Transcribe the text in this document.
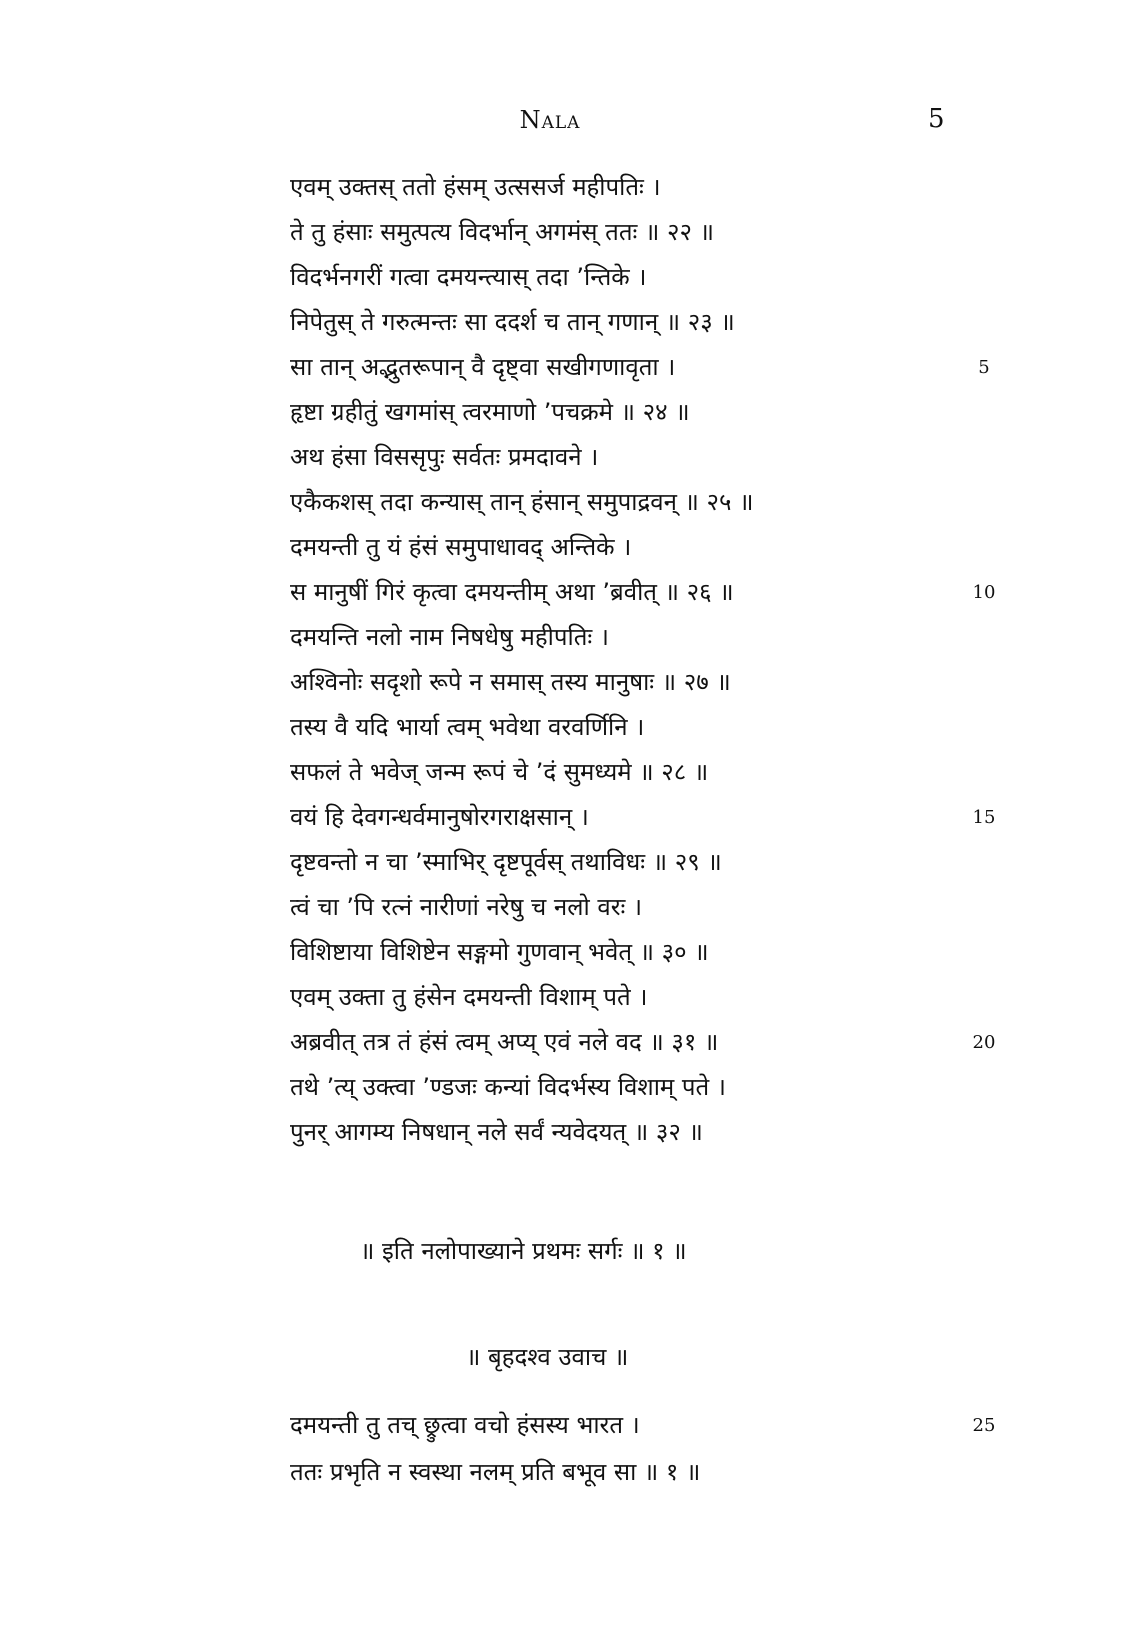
Nala	5
एवम् उक्तस् ततो हंसम् उत्ससर्ज महीपतिः ।
ते तु हंसाः समुत्पत्य विदर्भान् अगमंस् ततः ॥ २२ ॥
विदर्भनगरीं गत्वा दमयन्त्यास् तदा ’न्तिके ।
निपेतुस् ते गरुत्मन्तः सा ददर्श च तान् गणान् ॥ २३ ॥
सा तान् अद्भुतरूपान् वै दृष्ट्वा सखीगणावृता ।
हृष्टा ग्रहीतुं खगमांस् त्वरमाणो ’पचक्रमे ॥ २४ ॥
अथ हंसा विससृपुः सर्वतः प्रमदावने ।
एकैकशस् तदा कन्यास् तान् हंसान् समुपाद्रवन् ॥ २५ ॥
दमयन्ती तु यं हंसं समुपाधावद् अन्तिके ।
स मानुषीं गिरं कृत्वा दमयन्तीम् अथा ’ब्रवीत् ॥ २६ ॥
दमयन्ति नलो नाम निषधेषु महीपतिः ।
अश्विनोः सदृशो रूपे न समास् तस्य मानुषाः ॥ २७ ॥
तस्य वै यदि भार्या त्वम् भवेथा वरवर्णिनि ।
सफलं ते भवेज् जन्म रूपं चे ’दं सुमध्यमे ॥ २८ ॥
वयं हि देवगन्धर्वमानुषोरगराक्षसान् ।
दृष्टवन्तो न चा ’स्माभिर् दृष्टपूर्वस् तथाविधः ॥ २९ ॥
त्वं चा ’पि रत्नं नारीणां नरेषु च नलो वरः ।
विशिष्टाया विशिष्टेन सङ्गमो गुणवान् भवेत् ॥ ३० ॥
एवम् उक्ता तु हंसेन दमयन्ती विशाम् पते ।
अब्रवीत् तत्र तं हंसं त्वम् अप्य् एवं नले वद ॥ ३१ ॥
तथे ’त्य् उक्त्वा ’ण्डजः कन्यां विदर्भस्य विशाम् पते ।
पुनर् आगम्य निषधान् नले सर्वं न्यवेदयत् ॥ ३२ ॥
॥ इति नलोपाख्याने प्रथमः सर्गः ॥ १ ॥
॥ बृहदश्व उवाच ॥
दमयन्ती तु तच् छ्रुत्वा वचो हंसस्य भारत ।
ततः प्रभृति न स्वस्था नलम् प्रति बभूव सा ॥ १ ॥
5
10
15
20
25
